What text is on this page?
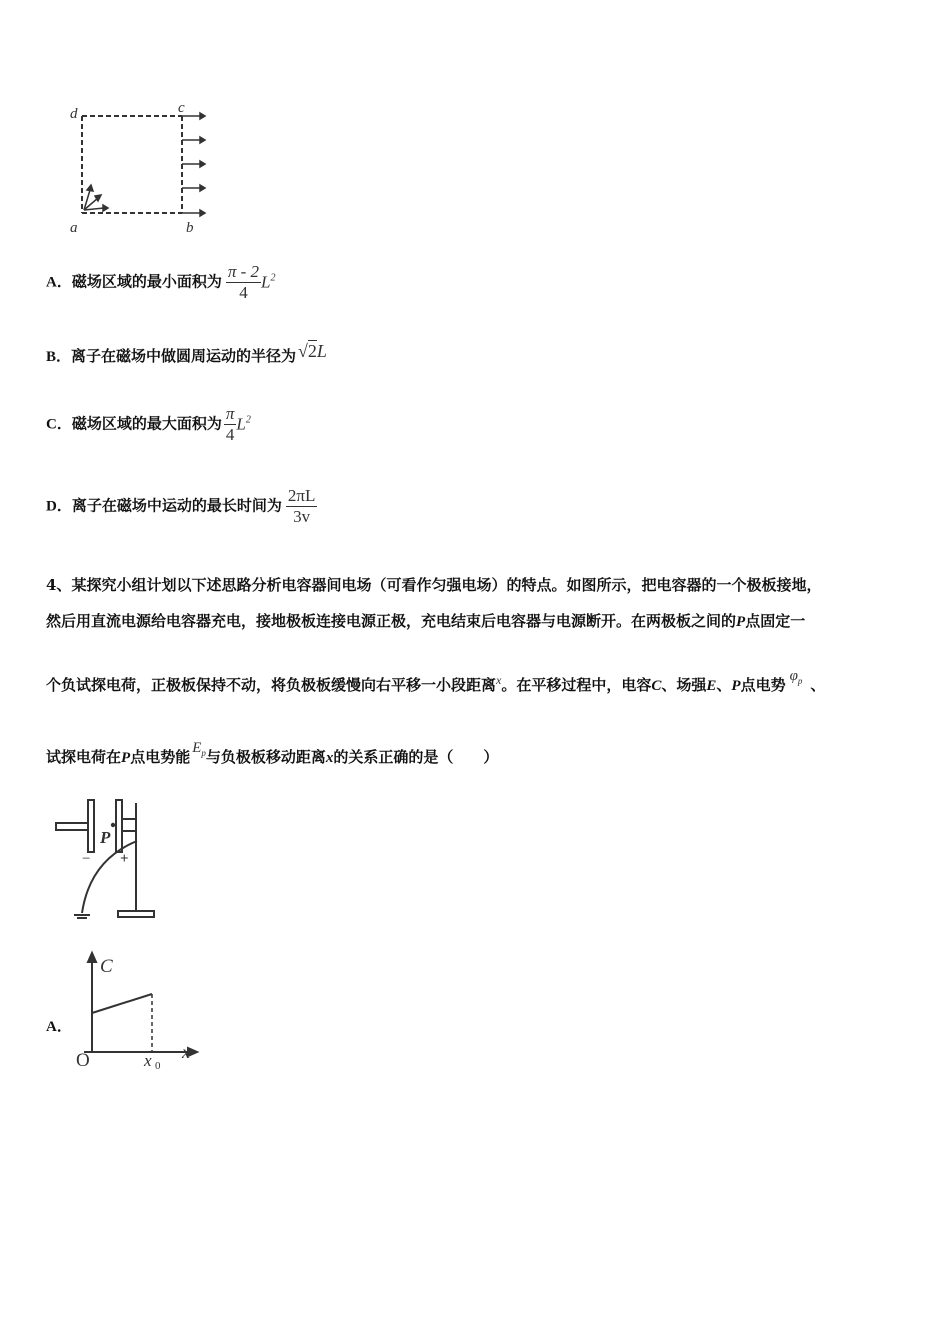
d	c
a	b
A．磁场区域的最小面积为 $\frac{\pi - 2}{4} L^2$
B．离子在磁场中做圆周运动的半径为 √2L
C．磁场区域的最大面积为 $\frac{\pi}{4} L^2$
D．离子在磁场中运动的最长时间为 $\frac{2\pi L}{3v}$
4、某探究小组计划以下述思路分析电容器间电场（可看作匀强电场）的特点。如图所示，把电容器的一个极板接地，
然后用直流电源给电容器充电，接地极板连接电源正极，充电结束后电容器与电源断开。在两极板之间的P点固定一
个负试探电荷，正极板保持不动，将负极板缓慢向右平移一小段距离$^x$。在平移过程中，电容C、场强E、P点电势 $\varphi_p$ 、
试探电荷在P点电势能 $E_p$与负极板移动距离x的关系正确的是（　　）
P
− +
A．
C
O	x
x 0
